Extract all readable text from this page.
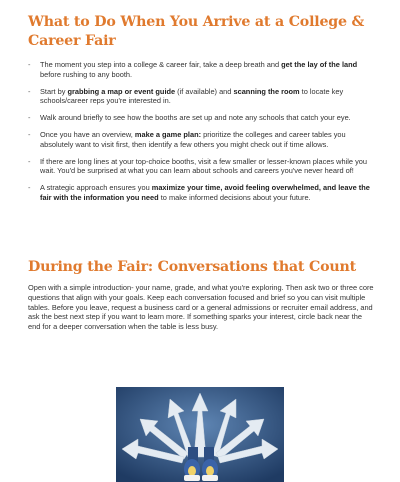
What to Do When You Arrive at a College & Career Fair
- The moment you step into a college & career fair, take a deep breath and get the lay of the land before rushing to any booth.
- Start by grabbing a map or event guide (if available) and scanning the room to locate key schools/career reps you're interested in.
- Walk around briefly to see how the booths are set up and note any schools that catch your eye.
- Once you have an overview, make a game plan: prioritize the colleges and career tables you absolutely want to visit first, then identify a few others you might check out if time allows.
- If there are long lines at your top-choice booths, visit a few smaller or lesser-known places while you wait. You'd be surprised at what you can learn about schools and careers you've never heard of!
- A strategic approach ensures you maximize your time, avoid feeling overwhelmed, and leave the fair with the information you need to make informed decisions about your future.
During the Fair: Conversations that Count

Open with a simple introduction- your name, grade, and what you're exploring. Then ask two or three core questions that align with your goals. Keep each conversation focused and brief so you can visit multiple tables. Before you leave, request a business card or a general admissions or recruiter email address, and ask the best next step if you want to learn more. If something sparks your interest, circle back near the end for a deeper conversation when the table is less busy.
